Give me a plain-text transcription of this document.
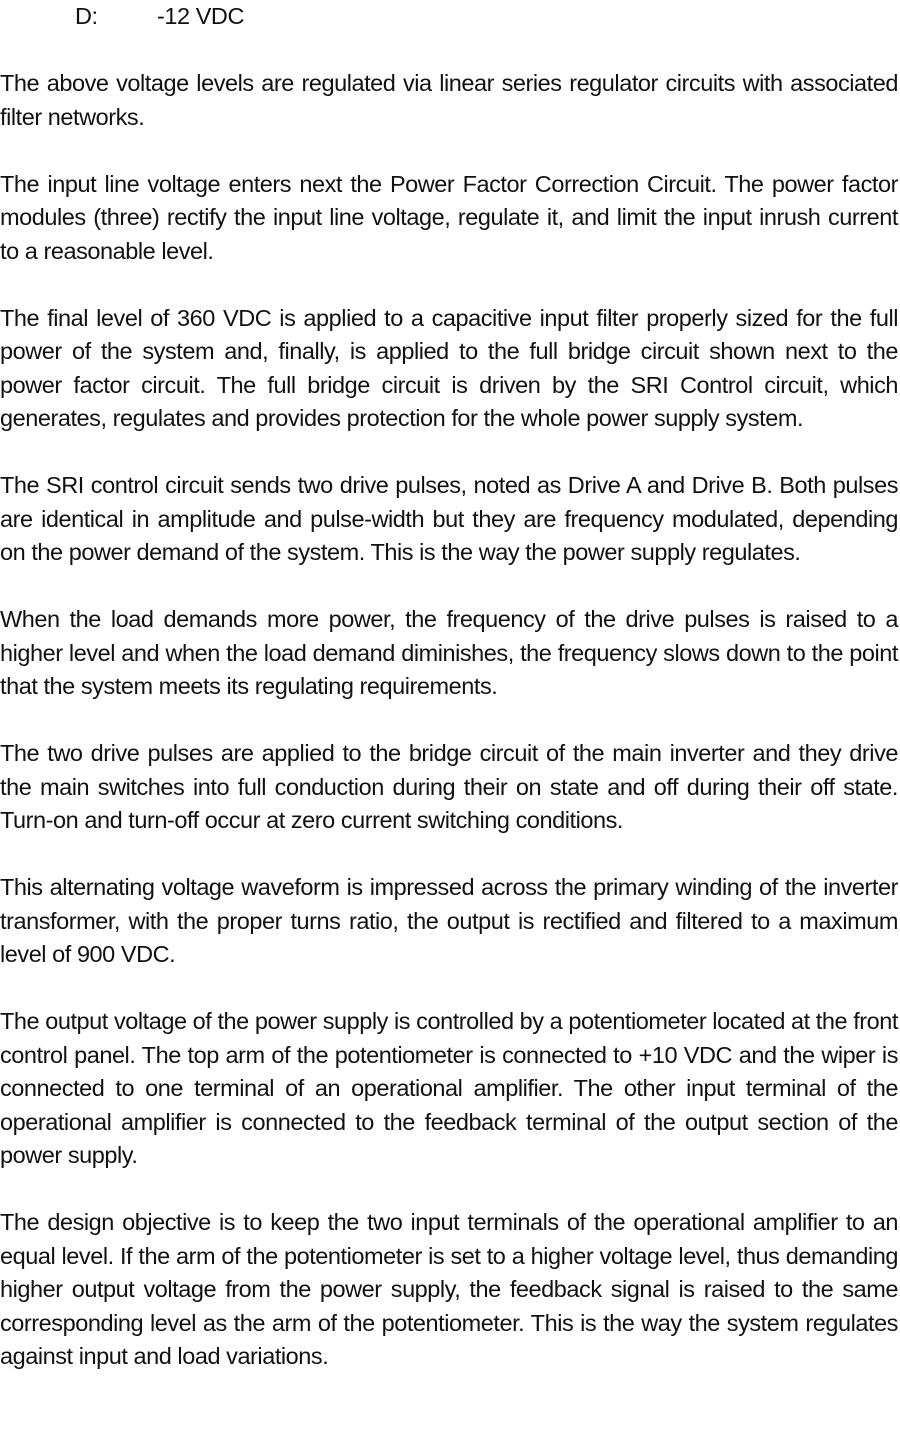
D:	-12 VDC

The above voltage levels are regulated via linear series regulator circuits with associated filter networks.

The input line voltage enters next the Power Factor Correction Circuit. The power factor modules (three) rectify the input line voltage, regulate it, and limit the input inrush current to a reasonable level.

The final level of 360 VDC is applied to a capacitive input filter properly sized for the full power of the system and, finally, is applied to the full bridge circuit shown next to the power factor circuit. The full bridge circuit is driven by the SRI Control circuit, which generates, regulates and provides protection for the whole power supply system.

The SRI control circuit sends two drive pulses, noted as Drive A and Drive B. Both pulses are identical in amplitude and pulse-width but they are frequency modulated, depending on the power demand of the system. This is the way the power supply regulates.

When the load demands more power, the frequency of the drive pulses is raised to a higher level and when the load demand diminishes, the frequency slows down to the point that the system meets its regulating requirements.

The two drive pulses are applied to the bridge circuit of the main inverter and they drive the main switches into full conduction during their on state and off during their off state. Turn-on and turn-off occur at zero current switching conditions.

This alternating voltage waveform is impressed across the primary winding of the inverter transformer, with the proper turns ratio, the output is rectified and filtered to a maximum level of 900 VDC.

The output voltage of the power supply is controlled by a potentiometer located at the front control panel. The top arm of the potentiometer is connected to +10 VDC and the wiper is connected to one terminal of an operational amplifier. The other input terminal of the operational amplifier is connected to the feedback terminal of the output section of the power supply.

The design objective is to keep the two input terminals of the operational amplifier to an equal level. If the arm of the potentiometer is set to a higher voltage level, thus demanding higher output voltage from the power supply, the feedback signal is raised to the same corresponding level as the arm of the potentiometer. This is the way the system regulates against input and load variations.
